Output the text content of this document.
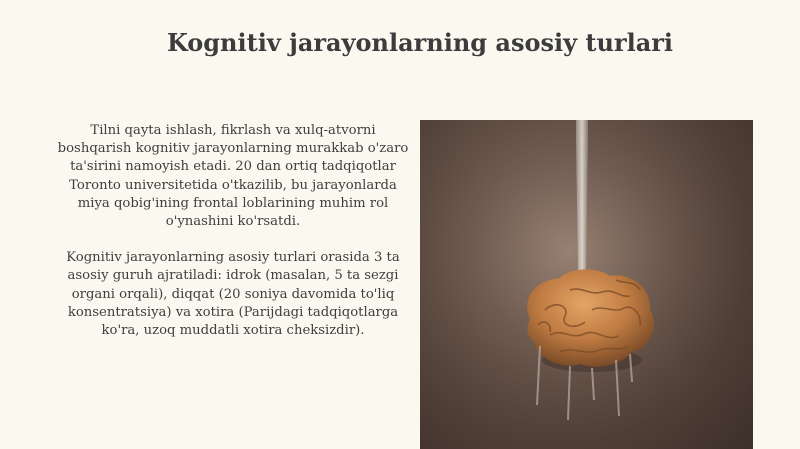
Kognitiv jarayonlarning asosiy turlari

Tilni qayta ishlash, fikrlash va xulq-atvorni boshqarish kognitiv jarayonlarning murakkab o'zaro ta'sirini namoyish etadi. 20 dan ortiq tadqiqotlar Toronto universitetida o'tkazilib, bu jarayonlarda miya qobig'ining frontal loblarining muhim rol o'ynashini ko'rsatdi.

Kognitiv jarayonlarning asosiy turlari orasida 3 ta asosiy guruh ajratiladi: idrok (masalan, 5 ta sezgi organi orqali), diqqat (20 soniya davomida to'liq konsentratsiya) va xotira (Parijdagi tadqiqotlarga ko'ra, uzoq muddatli xotira cheksizdir).
